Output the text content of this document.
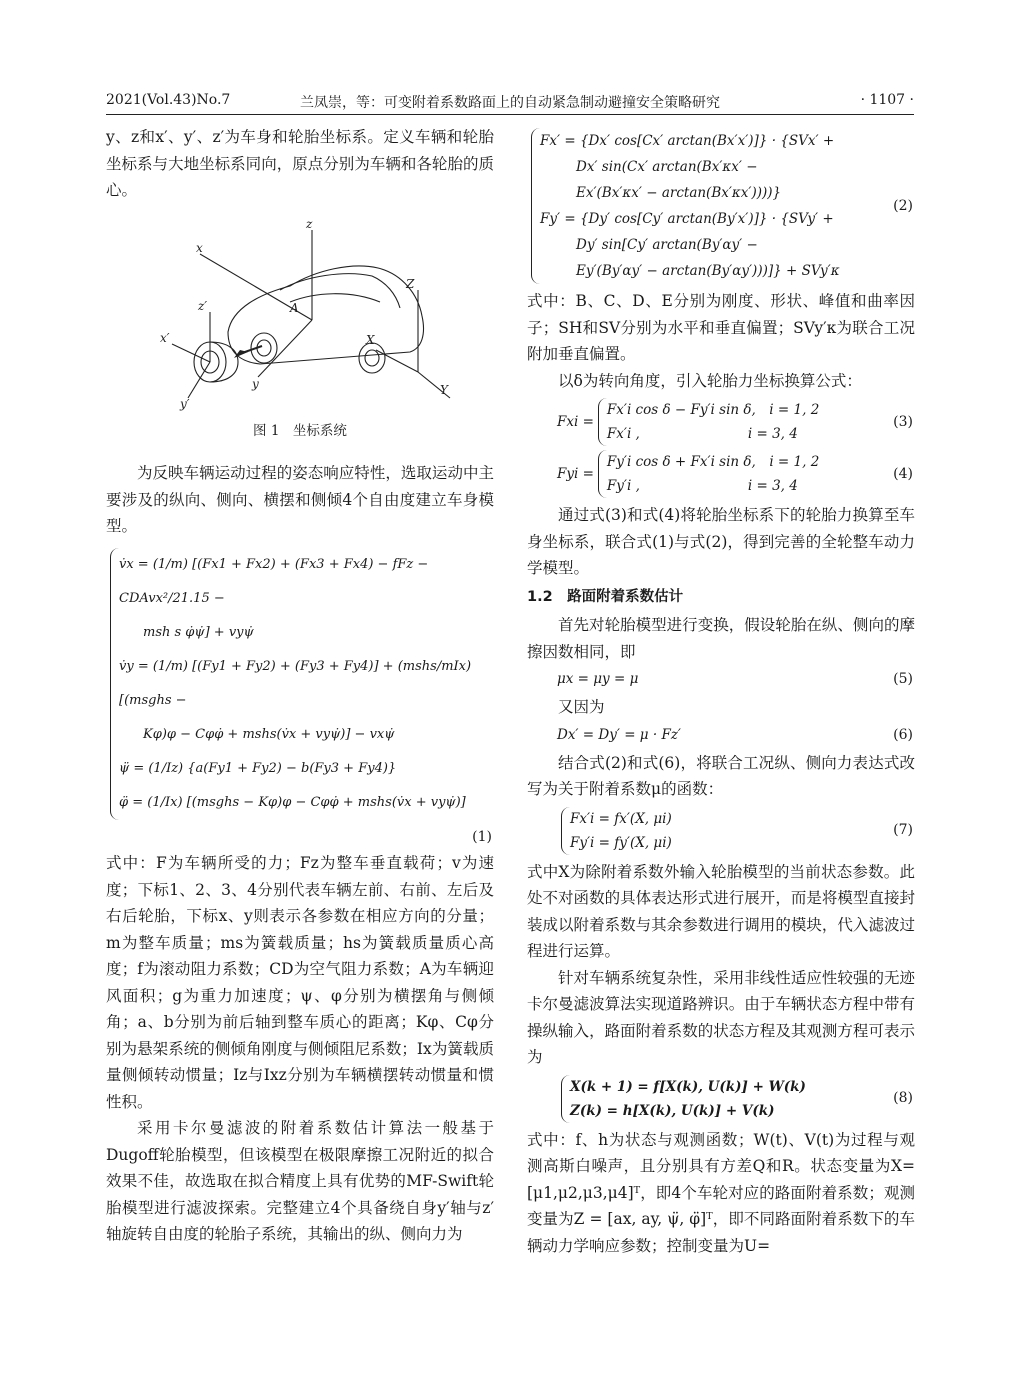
2021(Vol.43)No.7	兰凤崇，等：可变附着系数路面上的自动紧急制动避撞安全策略研究	· 1107 ·

y、z和x′、y′、z′为车身和轮胎坐标系。定义车辆和轮胎坐标系与大地坐标系同向，原点分别为车辆和各轮胎的质心。

z
x
y
A
Z
X
Y
z′
x′
y′
图 1　坐标系统

为反映车辆运动过程的姿态响应特性，选取运动中主要涉及的纵向、侧向、横摆和侧倾4个自由度建立车身模型。

v̇x = (1/m) [(Fx1 + Fx2) + (Fx3 + Fx4) − fFz − CDAvx²/21.15 −
msh s φ̇ψ̇] + vyψ̇
v̇y = (1/m) [(Fy1 + Fy2) + (Fy3 + Fy4)] + (mshs/mIx) [(msghs −
Kφ)φ − Cφφ̇ + mshs(v̇x + vyψ̇)] − vxψ̇
ψ̈ = (1/Iz) {a(Fy1 + Fy2) − b(Fy3 + Fy4)}
φ̈ = (1/Ix) [(msghs − Kφ)φ − Cφφ̇ + mshs(v̇x + vyψ̇)]
(1)

式中：F为车辆所受的力；Fz为整车垂直载荷；v为速度；下标1、2、3、4分别代表车辆左前、右前、左后及右后轮胎，下标x、y则表示各参数在相应方向的分量；m为整车质量；ms为簧载质量；hs为簧载质量质心高度；f为滚动阻力系数；CD为空气阻力系数；A为车辆迎风面积；g为重力加速度；ψ、φ分别为横摆角与侧倾角；a、b分别为前后轴到整车质心的距离；Kφ、Cφ分别为悬架系统的侧倾角刚度与侧倾阻尼系数；Ix为簧载质量侧倾转动惯量；Iz与Ixz分别为车辆横摆转动惯量和惯性积。

采用卡尔曼滤波的附着系数估计算法一般基于Dugoff轮胎模型，但该模型在极限摩擦工况附近的拟合效果不佳，故选取在拟合精度上具有优势的MF-Swift轮胎模型进行滤波探索。完整建立4个具备绕自身y′轴与z′轴旋转自由度的轮胎子系统，其输出的纵、侧向力为

Fx′ = {Dx′ cos[Cx′ arctan(Bx′x′)]} · {SVx′ +
Dx′ sin(Cx′ arctan(Bx′κx′ −
Ex′(Bx′κx′ − arctan(Bx′κx′))))}
Fy′ = {Dy′ cos[Cy′ arctan(By′x′)]} · {SVy′ +
Dy′ sin[Cy′ arctan(By′αy′ −
Ey′(By′αy′ − arctan(By′αy′)))]} + SVy′κ
(2)

式中：B、C、D、E分别为刚度、形状、峰值和曲率因子；SH和SV分别为水平和垂直偏置；SVy′κ为联合工况附加垂直偏置。

以δ为转向角度，引入轮胎力坐标换算公式：

Fxi =
Fx′i cos δ − Fy′i sin δ,　i = 1, 2
Fx′i ,　　　　　　　　i = 3, 4
(3)
Fyi =
Fy′i cos δ + Fx′i sin δ,　i = 1, 2
Fy′i ,　　　　　　　　i = 3, 4
(4)

通过式(3)和式(4)将轮胎坐标系下的轮胎力换算至车身坐标系，联合式(1)与式(2)，得到完善的全轮整车动力学模型。

1.2　路面附着系数估计

首先对轮胎模型进行变换，假设轮胎在纵、侧向的摩擦因数相同，即

μx = μy = μ	(5)

又因为

Dx′ = Dy′ = μ · Fz′	(6)

结合式(2)和式(6)，将联合工况纵、侧向力表达式改写为关于附着系数μ的函数：

Fx′i = fx′(X, μi)
Fy′i = fy′(X, μi)
(7)

式中X为除附着系数外输入轮胎模型的当前状态参数。此处不对函数的具体表达形式进行展开，而是将模型直接封装成以附着系数与其余参数进行调用的模块，代入滤波过程进行运算。

针对车辆系统复杂性，采用非线性适应性较强的无迹卡尔曼滤波算法实现道路辨识。由于车辆状态方程中带有操纵输入，路面附着系数的状态方程及其观测方程可表示为

X(k + 1) = f[X(k), U(k)] + W(k)
Z(k) = h[X(k), U(k)] + V(k)
(8)

式中：f、h为状态与观测函数；W(t)、V(t)为过程与观测高斯白噪声，且分别具有方差Q和R。状态变量为X=[μ1,μ2,μ3,μ4]ᵀ，即4个车轮对应的路面附着系数；观测变量为Z = [ax, ay, ψ̈, φ̈]ᵀ，即不同路面附着系数下的车辆动力学响应参数；控制变量为U=
